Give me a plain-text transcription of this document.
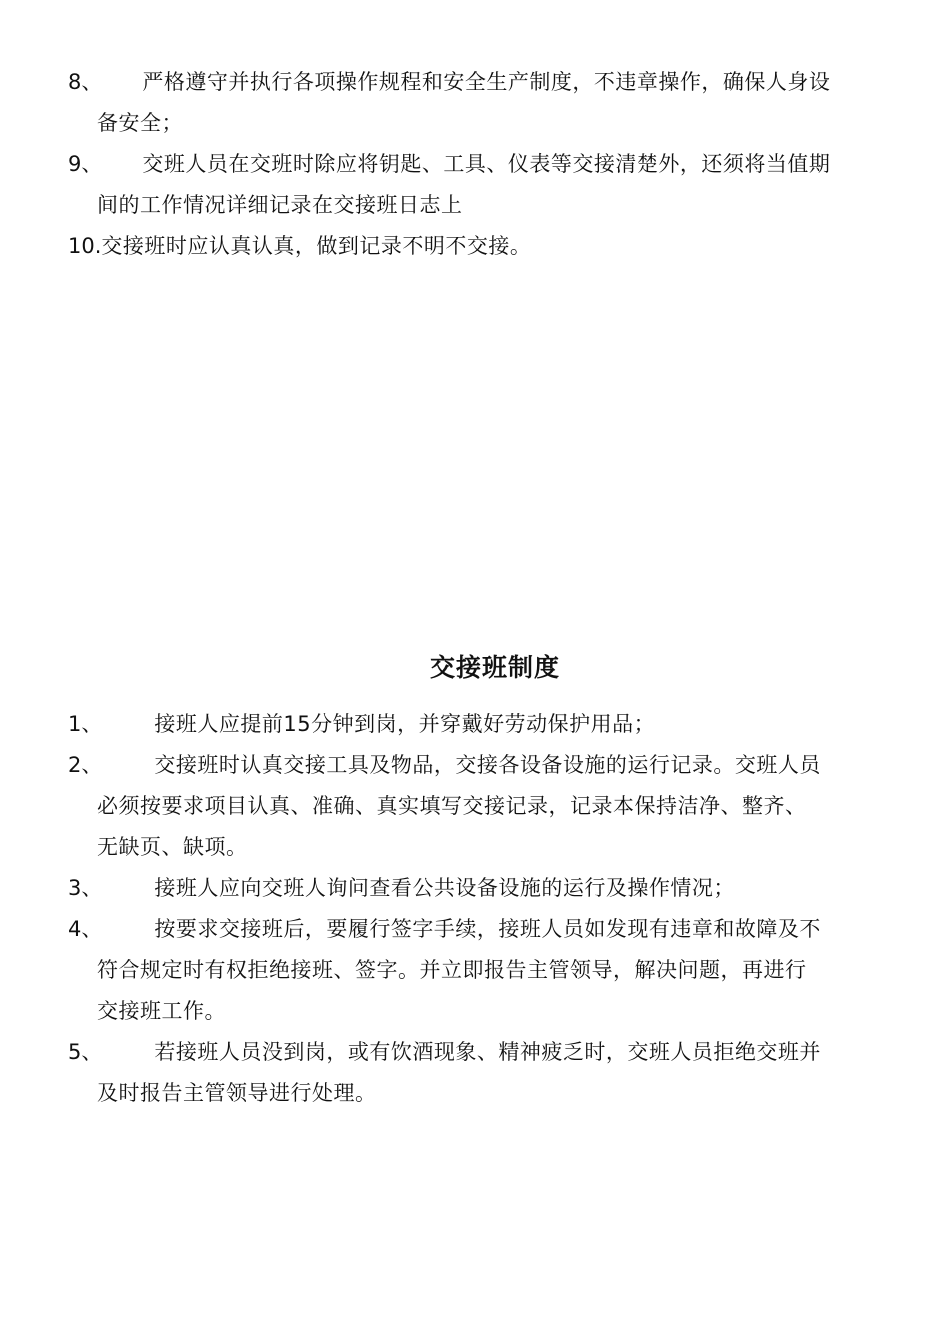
8、 严格遵守并执行各项操作规程和安全生产制度，不违章操作，确保人身设
备安全；
9、 交班人员在交班时除应将钥匙、工具、仪表等交接清楚外，还须将当值期
间的工作情况详细记录在交接班日志上
10.交接班时应认真认真，做到记录不明不交接。
交接班制度
1、 接班人应提前15分钟到岗，并穿戴好劳动保护用品；
2、 交接班时认真交接工具及物品，交接各设备设施的运行记录。交班人员
必须按要求项目认真、准确、真实填写交接记录，记录本保持洁净、整齐、
无缺页、缺项。
3、 接班人应向交班人询问查看公共设备设施的运行及操作情况；
4、 按要求交接班后，要履行签字手续，接班人员如发现有违章和故障及不
符合规定时有权拒绝接班、签字。并立即报告主管领导，解决问题，再进行
交接班工作。
5、 若接班人员没到岗，或有饮酒现象、精神疲乏时，交班人员拒绝交班并
及时报告主管领导进行处理。
